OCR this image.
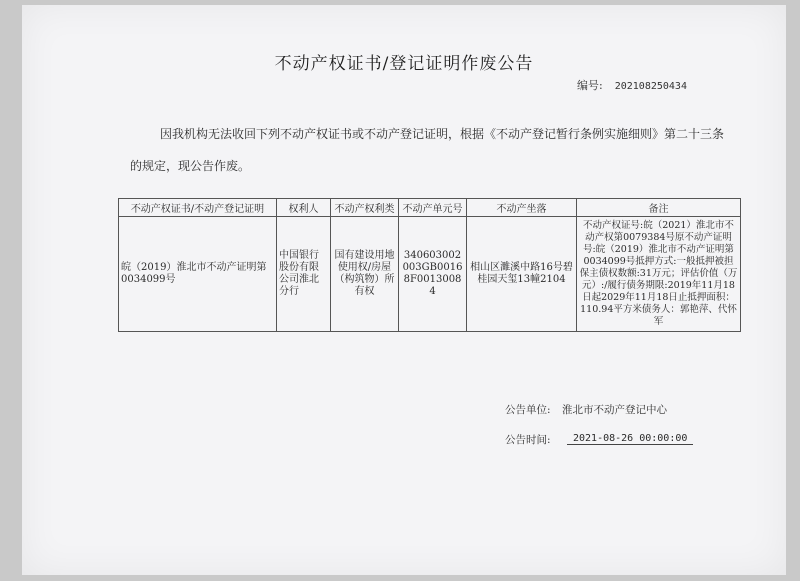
不动产权证书/登记证明作废公告
编号: 202108250434
因我机构无法收回下列不动产权证书或不动产登记证明，根据《不动产登记暂行条例实施细则》第二十三条的规定，现公告作废。
不动产权证书/不动产登记证明	权利人	不动产权利类	不动产单元号	不动产坐落	备注
皖（2019）淮北市不动产证明第0034099号	中国银行股份有限公司淮北分行	国有建设用地使用权/房屋（构筑物）所有权	340603002003GB00168F00130084	相山区濉溪中路16号碧桂园天玺13幢2104	不动产权证号:皖（2021）淮北市不动产权第0079384号原不动产证明号:皖（2019）淮北市不动产证明第0034099号抵押方式:一般抵押被担保主债权数额:31万元；评估价值（万元）:/履行债务期限:2019年11月18日起2029年11月18日止抵押面积：110.94平方米债务人：郭艳萍、代怀军
公告单位: 淮北市不动产登记中心
公告时间:	2021-08-26 00:00:00
